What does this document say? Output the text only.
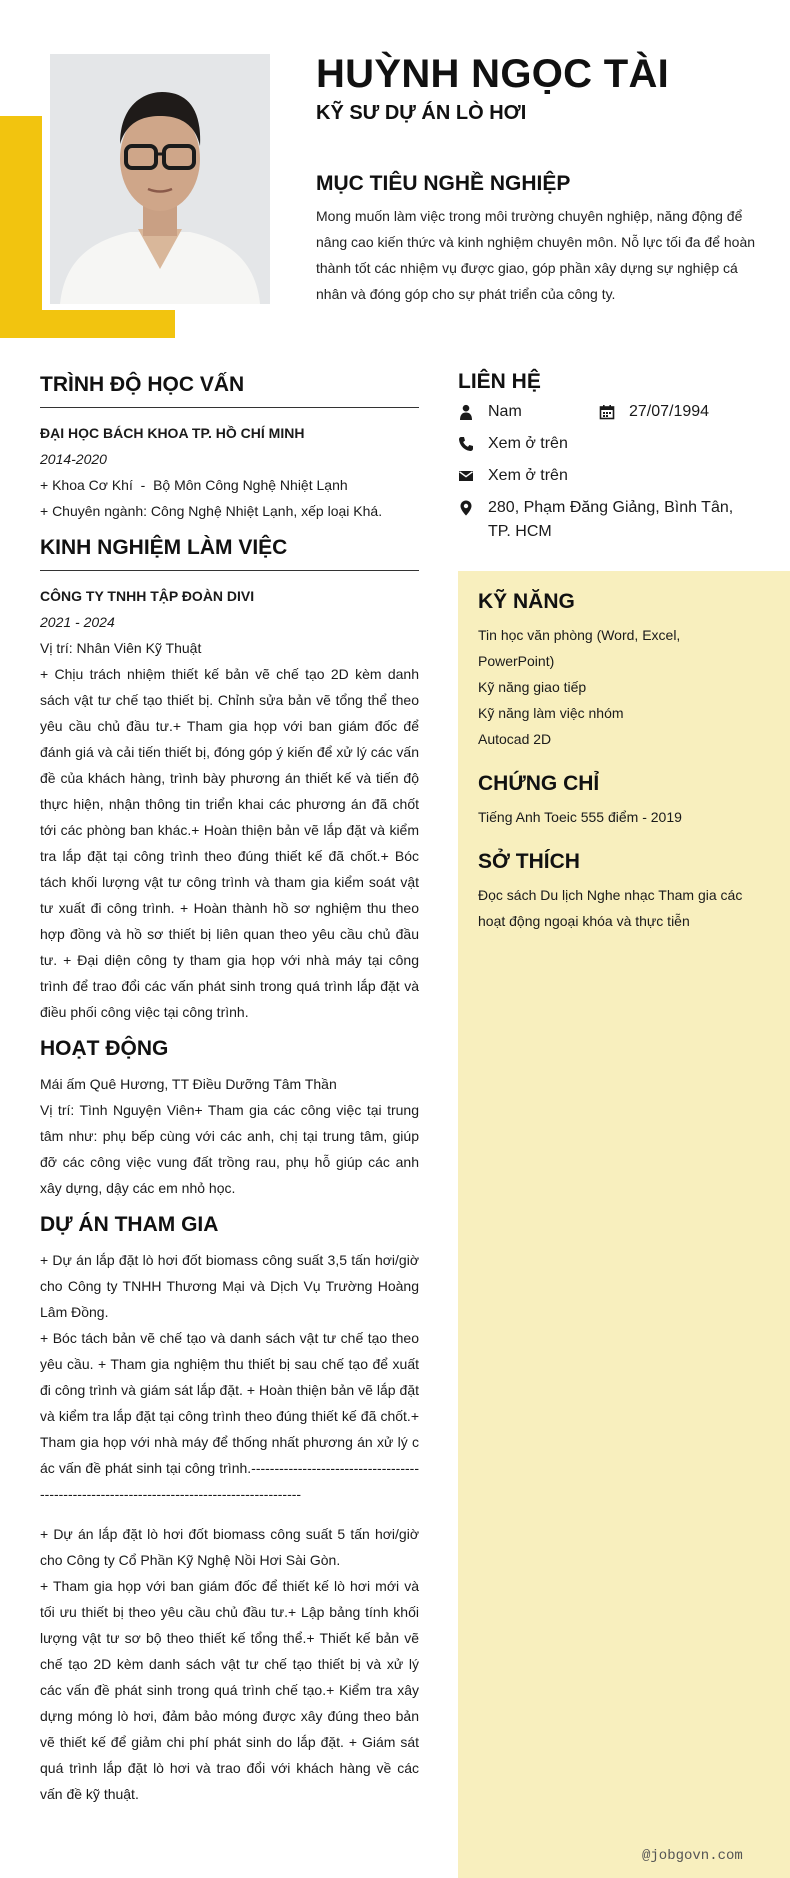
HUỲNH NGỌC TÀI
KỸ SƯ DỰ ÁN LÒ HƠI
MỤC TIÊU NGHỀ NGHIỆP
Mong muốn làm việc trong môi trường chuyên nghiệp, năng động để nâng cao kiến thức và kinh nghiệm chuyên môn. Nỗ lực tối đa để hoàn thành tốt các nhiệm vụ được giao, góp phần xây dựng sự nghiệp cá nhân và đóng góp cho sự phát triển của công ty.
TRÌNH ĐỘ HỌC VẤN
ĐẠI HỌC BÁCH KHOA TP. HỒ CHÍ MINH
2014-2020
+ Khoa Cơ Khí  -  Bộ Môn Công Nghệ Nhiệt Lạnh
+ Chuyên ngành: Công Nghệ Nhiệt Lạnh, xếp loại Khá.
KINH NGHIỆM LÀM VIỆC
CÔNG TY TNHH TẬP ĐOÀN DIVI
2021 - 2024
Vị trí: Nhân Viên Kỹ Thuật
+ Chịu trách nhiệm thiết kế bản vẽ chế tạo 2D kèm danh sách vật tư chế tạo thiết bị. Chỉnh sửa bản vẽ tổng thể theo yêu cầu chủ đầu tư.+ Tham gia họp với ban giám đốc để đánh giá và cải tiến thiết bị, đóng góp ý kiến để xử lý các vấn đề của khách hàng, trình bày phương án thiết kế và tiến độ thực hiện, nhận thông tin triển khai các phương án đã chốt tới các phòng ban khác.+ Hoàn thiện bản vẽ lắp đặt và kiểm tra lắp đặt tại công trình theo đúng thiết kế đã chốt.+ Bóc tách khối lượng vật tư công trình và tham gia kiểm soát vật tư xuất đi công trình. + Hoàn thành hồ sơ nghiệm thu theo hợp đồng và hồ sơ thiết bị liên quan theo yêu cầu chủ đầu tư. + Đại diện công ty tham gia họp với nhà máy tại công trình để trao đổi các vấn phát sinh trong quá trình lắp đặt và điều phối công việc tại công trình.
HOẠT ĐỘNG
Mái ấm Quê Hương, TT Điều Dưỡng Tâm Thần
Vị trí: Tình Nguyện Viên+ Tham gia các công việc tại trung tâm như: phụ bếp cùng với các anh, chị tại trung tâm, giúp đỡ các công việc vung đất trồng rau, phụ hỗ giúp các anh xây dựng, dậy các em nhỏ học.
DỰ ÁN THAM GIA
+ Dự án lắp đặt lò hơi đốt biomass công suất 3,5 tấn hơi/giờ cho Công ty TNHH Thương Mại và Dịch Vụ Trường Hoàng Lâm Đồng.
+ Bóc tách bản vẽ chế tạo và danh sách vật tư chế tạo theo yêu cầu. + Tham gia nghiệm thu thiết bị sau chế tạo để xuất đi công trình và giám sát lắp đặt. + Hoàn thiện bản vẽ lắp đặt và kiểm tra lắp đặt tại công trình theo đúng thiết kế đã chốt.+ Tham gia họp với nhà máy để thống nhất phương án xử lý các vấn đề phát sinh tại công trình.--------------------------------------------------------------------------------------------
+ Dự án lắp đặt lò hơi đốt biomass công suất 5 tấn hơi/giờ cho Công ty Cổ Phần Kỹ Nghệ Nồi Hơi Sài Gòn.
+ Tham gia họp với ban giám đốc để thiết kế lò hơi mới và tối ưu thiết bị theo yêu cầu chủ đầu tư.+ Lập bảng tính khối lượng vật tư sơ bộ theo thiết kế tổng thể.+ Thiết kế bản vẽ chế tạo 2D kèm danh sách vật tư chế tạo thiết bị và xử lý các vấn đề phát sinh trong quá trình chế tạo.+ Kiểm tra xây dựng móng lò hơi, đảm bảo móng được xây đúng theo bản vẽ thiết kế để giảm chi phí phát sinh do lắp đặt. + Giám sát quá trình lắp đặt lò hơi và trao đổi với khách hàng về các vấn đề kỹ thuật.
LIÊN HỆ
Nam	27/07/1994
Xem ở trên
Xem ở trên
280, Phạm Đăng Giảng, Bình Tân, TP. HCM
KỸ NĂNG
Tin học văn phòng (Word, Excel, PowerPoint)
Kỹ năng giao tiếp
Kỹ năng làm việc nhóm
Autocad 2D
CHỨNG CHỈ
Tiếng Anh Toeic 555 điểm - 2019
SỞ THÍCH
Đọc sách Du lịch Nghe nhạc Tham gia các hoạt động ngoại khóa và thực tiễn
@jobgovn.com
